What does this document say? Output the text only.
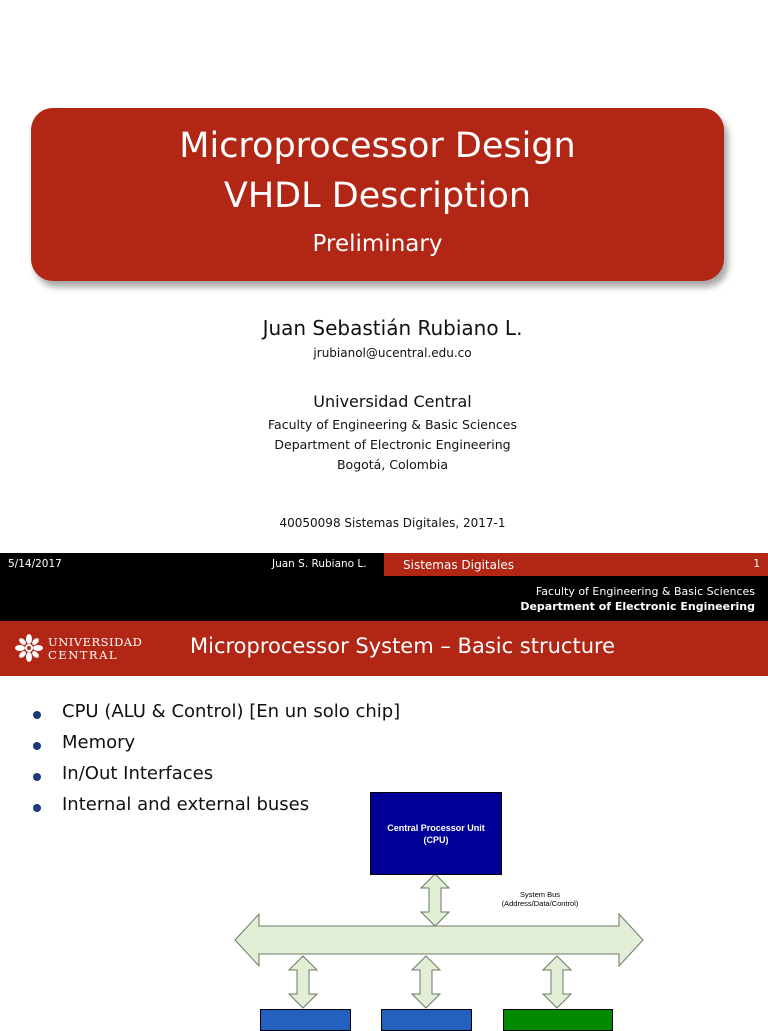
Microprocessor Design
VHDL Description
Preliminary
Juan Sebastián Rubiano L.
jrubianol@ucentral.edu.co
Universidad Central
Faculty of Engineering & Basic Sciences
Department of Electronic Engineering
Bogotá, Colombia
40050098 Sistemas Digitales, 2017-1
5/14/2017	Juan S. Rubiano L.	Sistemas Digitales	1
Faculty of Engineering & Basic Sciences
Department of Electronic Engineering
UNIVERSIDAD
CENTRAL	Microprocessor System – Basic structure
CPU (ALU & Control) [En un solo chip]
Memory
In/Out Interfaces
Internal and external buses
Central Processor Unit
(CPU)
System Bus
(Address/Data/Control)
